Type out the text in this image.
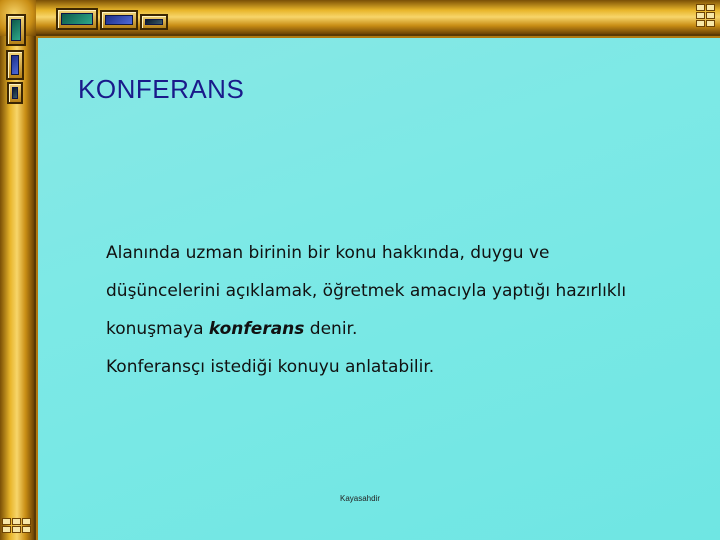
KONFERANS

Alanında uzman birinin bir konu hakkında, duygu ve

düşüncelerini açıklamak, öğretmek amacıyla yaptığı hazırlıklı

konuşmaya konferans denir.

Konferansçı istediği konuyu anlatabilir.

Kayasahdir
